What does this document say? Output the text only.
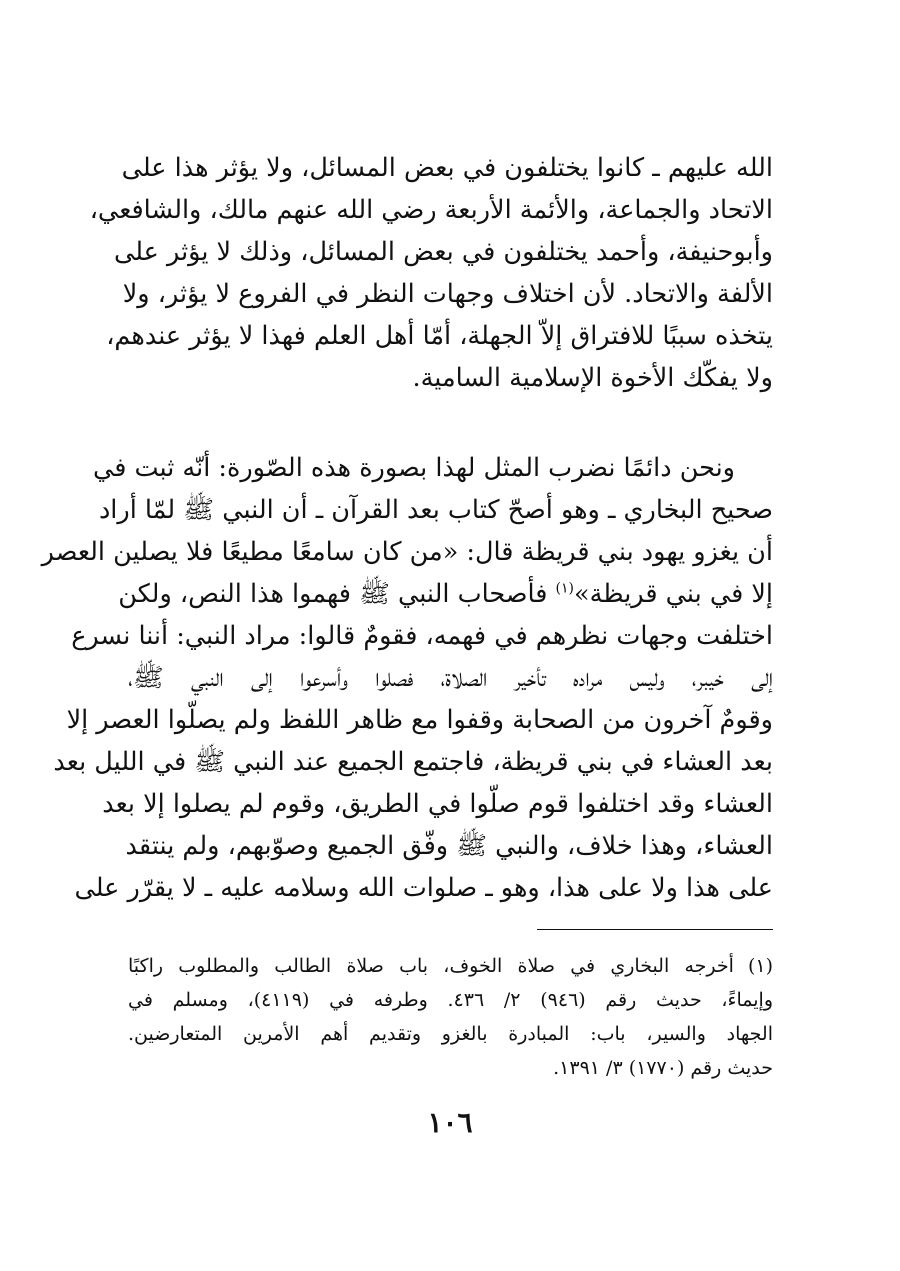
الله عليهم ـ كانوا يختلفون في بعض المسائل، ولا يؤثر هذا على
الاتحاد والجماعة، والأئمة الأربعة رضي الله عنهم مالك، والشافعي،
وأبوحنيفة، وأحمد يختلفون في بعض المسائل، وذلك لا يؤثر على
الألفة والاتحاد. لأن اختلاف وجهات النظر في الفروع لا يؤثر، ولا
يتخذه سببًا للافتراق إلاّ الجهلة، أمّا أهل العلم فهذا لا يؤثر عندهم،
ولا يفكّك الأخوة الإسلامية السامية.
ونحن دائمًا نضرب المثل لهذا بصورة هذه الصّورة: أنّه ثبت في
صحيح البخاري ـ وهو أصحّ كتاب بعد القرآن ـ أن النبي ﷺ لمّا أراد
أن يغزو يهود بني قريظة قال: «من كان سامعًا مطيعًا فلا يصلين العصر
إلا في بني قريظة»$^{(١)}$ فأصحاب النبي ﷺ فهموا هذا النص، ولكن
اختلفت وجهات نظرهم في فهمه، فقومٌ قالوا: مراد النبي: أننا نسرع
إلى خيبر، وليس مراده تأخير الصلاة، فصلوا وأسرعوا إلى النبي ﷺ،
وقومٌ آخرون من الصحابة وقفوا مع ظاهر اللفظ ولم يصلّوا العصر إلا
بعد العشاء في بني قريظة، فاجتمع الجميع عند النبي ﷺ في الليل بعد
العشاء وقد اختلفوا قوم صلّوا في الطريق، وقوم لم يصلوا إلا بعد
العشاء، وهذا خلاف، والنبي ﷺ وفّق الجميع وصوّبهم، ولم ينتقد
على هذا ولا على هذا، وهو ـ صلوات الله وسلامه عليه ـ لا يقرّر على
(١)أخرجه البخاري في صلاة الخوف، باب صلاة الطالب والمطلوب راكبًا
وإيماءً، حديث رقم (٩٤٦) ٢/ ٤٣٦. وطرفه في (٤١١٩)، ومسلم في
الجهاد والسير، باب: المبادرة بالغزو وتقديم أهم الأمرين المتعارضين.
حديث رقم (١٧٧٠) ٣/ ١٣٩١.
١٠٦
